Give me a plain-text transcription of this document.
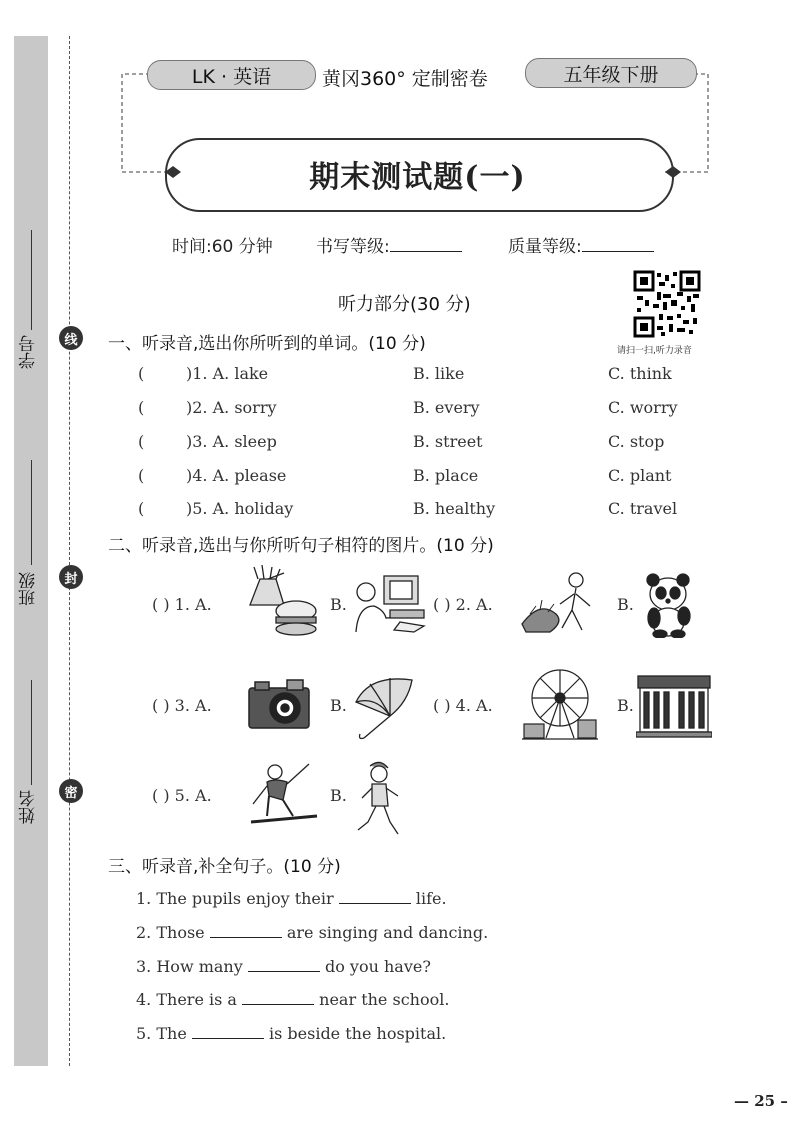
学号
班级
姓名
线
封
密
LK · 英语	黄冈360° 定制密卷	五年级下册
期末测试题(一)
时间:60 分钟	书写等级:	质量等级:
请扫一扫,听力录音
听力部分(30 分)
一、听录音,选出你所听到的单词。(10 分)
(	)1. A. lake	B. like	C. think
(	)2. A. sorry	B. every	C. worry
(	)3. A. sleep	B. street	C. stop
(	)4. A. please	B. place	C. plant
(	)5. A. holiday	B. healthy	C. travel
二、听录音,选出与你所听句子相符的图片。(10 分)
( ) 1. A.	B.	( ) 2. A.	B.
( ) 3. A.	B.	( ) 4. A.	B.
( ) 5. A.	B.
三、听录音,补全句子。(10 分)
1. The pupils enjoy their	life.
2. Those	are singing and dancing.
3. How many	do you have?
4. There is a	near the school.
5. The	is beside the hospital.
— 25 –
